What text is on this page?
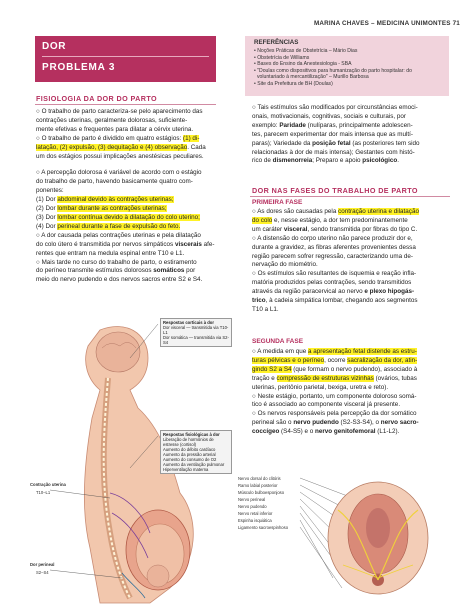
MARINA CHAVES – MEDICINA UNIMONTES 71
DOR
PROBLEMA 3
FISIOLOGIA DA DOR DO PARTO
○ O trabalho de parto caracteriza-se pelo aparecimento das
contrações uterinas, geralmente dolorosas, suficiente-
mente efetivas e frequentes para dilatar a cérvix uterina.
○ O trabalho de parto é dividido em quatro estágios: (1) di-
latação, (2) expulsão, (3) dequitação e (4) observação. Cada
um dos estágios possui implicações anestésicas peculiares.
○ A percepção dolorosa é variável de acordo com o estágio
do trabalho de parto, havendo basicamente quatro com-
ponentes:
(1) Dor abdominal devido às contrações uterinas;
(2) Dor lombar durante as contrações uterinas;
(3) Dor lombar contínua devido à dilatação do colo uterino;
(4) Dor perineal durante a fase de expulsão do feto.
○ A dor causada pelas contrações uterinas e pela dilatação
do colo útero é transmitida por nervos simpáticos viscerais afe-
rentes que entram na medula espinal entre T10 e L1.
○ Mais tarde no curso do trabalho de parto, o estiramento
do períneo transmite estímulos dolorosos somáticos por
meio do nervo pudendo e dos nervos sacros entre S2 e S4.
REFERÊNCIAS
• Noções Práticas de Obstetrícia – Mário Dias
• Obstetrícia de Williams
• Bases do Ensino da Anestesiologia - SBA
• "Doulas como dispositivos para humanização do parto hospitalar: do
voluntariado à mercantilização" – Murillo Barbosa
• Site da Prefeitura de BH (Doulas)
○ Tais estímulos são modificados por circunstâncias emoci-
onais, motivacionais, cognitivas, sociais e culturais, por
exemplo: Paridade (nulíparas, principalmente adolescen-
tes, parecem experimentar dor mais intensa que as multí-
paras); Variedade da posição fetal (as posteriores tem sido
relacionadas à dor de mais intensa); Gestantes com histó-
rico de dismenorreia; Preparo e apoio psicológico.
DOR NAS FASES DO TRABALHO DE PARTO
PRIMEIRA FASE
○ As dores são causadas pela contração uterina e dilatação
do colo e, nesse estágio, a dor tem predominantemente
um caráter visceral, sendo transmitida por fibras do tipo C.
○ A distensão do corpo uterino não parece produzir dor e,
durante a gravidez, as fibras aferentes provenientes dessa
região parecem sofrer regressão, caracterizando uma de-
nervação do miométrio.
○ Os estímulos são resultantes de isquemia e reação infla-
matória produzidos pelas contrações, sendo transmitidos
através da região paracervical ao nervo e plexo hipogás-
trico, à cadeia simpática lombar, chegando aos segmentos
T10 a L1.
SEGUNDA FASE
○ A medida em que a apresentação fetal distende as estru-
turas pélvicas e o períneo, ocorre sacralização da dor, atin-
gindo S2 a S4 (que formam o nervo pudendo), associado à
tração e compressão de estruturas vizinhas (ovários, tubas
uterinas, peritônio parietal, bexiga, uretra e reto).
○ Neste estágio, portanto, um componente doloroso somá-
tico é associado ao componente visceral já presente.
○ Os nervos responsáveis pela percepção da dor somático
perineal são o nervo pudendo (S2-S3-S4), o nervo sacro-
coccígeo (S4-S5) e o nervo genitofemoral (L1-L2).
Respostas corticais à dor
Dor visceral — transmitida via T10-L1
Dor somática — transmitida via S2-S4
Respostas fisiológicas à dor
Liberação de hormônios de estresse (cortisol)
Aumento do débito cardíaco
Aumento da pressão arterial
Aumento do consumo de O2
Aumento da ventilação pulmonar
Hiperventilação materna
Contração uterina
T10–L1
Dor perineal
S2–S4
Nervo dorsal do clitóris
Ramo labial posterior
Músculo bulboesponjoso
Nervo perineal
Nervo pudendo
Nervo retal inferior
Espinha isquiática
Ligamento sacroespinhoso
